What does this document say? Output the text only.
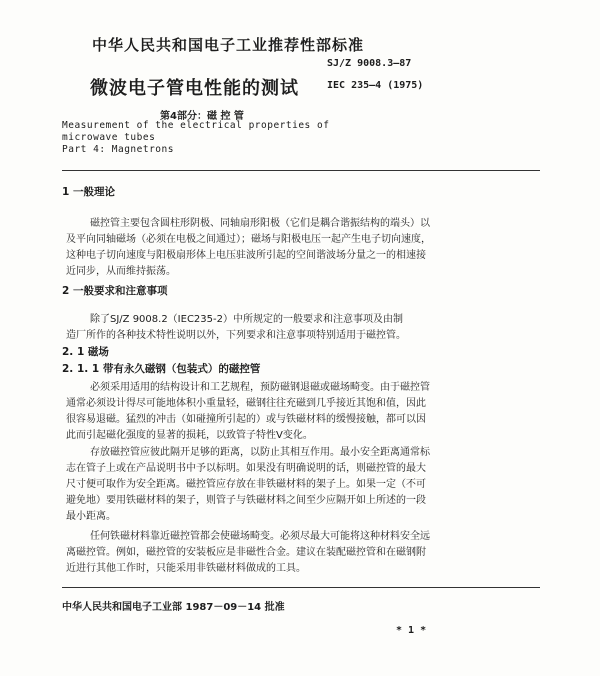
中华人民共和国电子工业推荐性部标准
SJ/Z 9008.3—87
IEC 235—4 (1975)
微波电子管电性能的测试
第4部分：磁 控 管
Measurement of the electrical properties of
microwave tubes
Part 4: Magnetrons
1 一般理论
磁控管主要包含圆柱形阴极、同轴扇形阳极（它们是耦合谐振结构的端头）以
及平向同轴磁场（必须在电极之间通过）；磁场与阳极电压一起产生电子切向速度，
这种电子切向速度与阳极扇形体上电压驻波所引起的空间谐波场分量之一的相速接
近同步，从而维持振荡。
2 一般要求和注意事项
除了SJ/Z 9008.2（IEC235-2）中所规定的一般要求和注意事项及由制
造厂所作的各种技术特性说明以外，下列要求和注意事项特别适用于磁控管。
2. 1 磁场
2. 1. 1 带有永久磁钢（包装式）的磁控管
必须采用适用的结构设计和工艺规程，预防磁钢退磁或磁场畸变。由于磁控管
通常必须设计得尽可能地体积小重量轻，磁钢往往充磁到几乎接近其饱和值，因此
很容易退磁。猛烈的冲击（如碰撞所引起的）或与铁磁材料的缓慢接触，都可以因
此而引起磁化强度的显著的损耗，以致管子特性V变化。
存放磁控管应彼此隔开足够的距离，以防止其相互作用。最小安全距离通常标
志在管子上或在产品说明书中予以标明。如果没有明确说明的话，则磁控管的最大
尺寸便可取作为安全距离。磁控管应存放在非铁磁材料的架子上。如果一定（不可
避免地）要用铁磁材料的架子，则管子与铁磁材料之间至少应隔开如上所述的一段
最小距离。
任何铁磁材料靠近磁控管都会使磁场畸变。必须尽最大可能将这种材料安全远
离磁控管。例如，磁控管的安装板应是非磁性合金。建议在装配磁控管和在磁钢附
近进行其他工作时，只能采用非铁磁材料做成的工具。
中华人民共和国电子工业部 1987－09－14 批准
* 1 *
